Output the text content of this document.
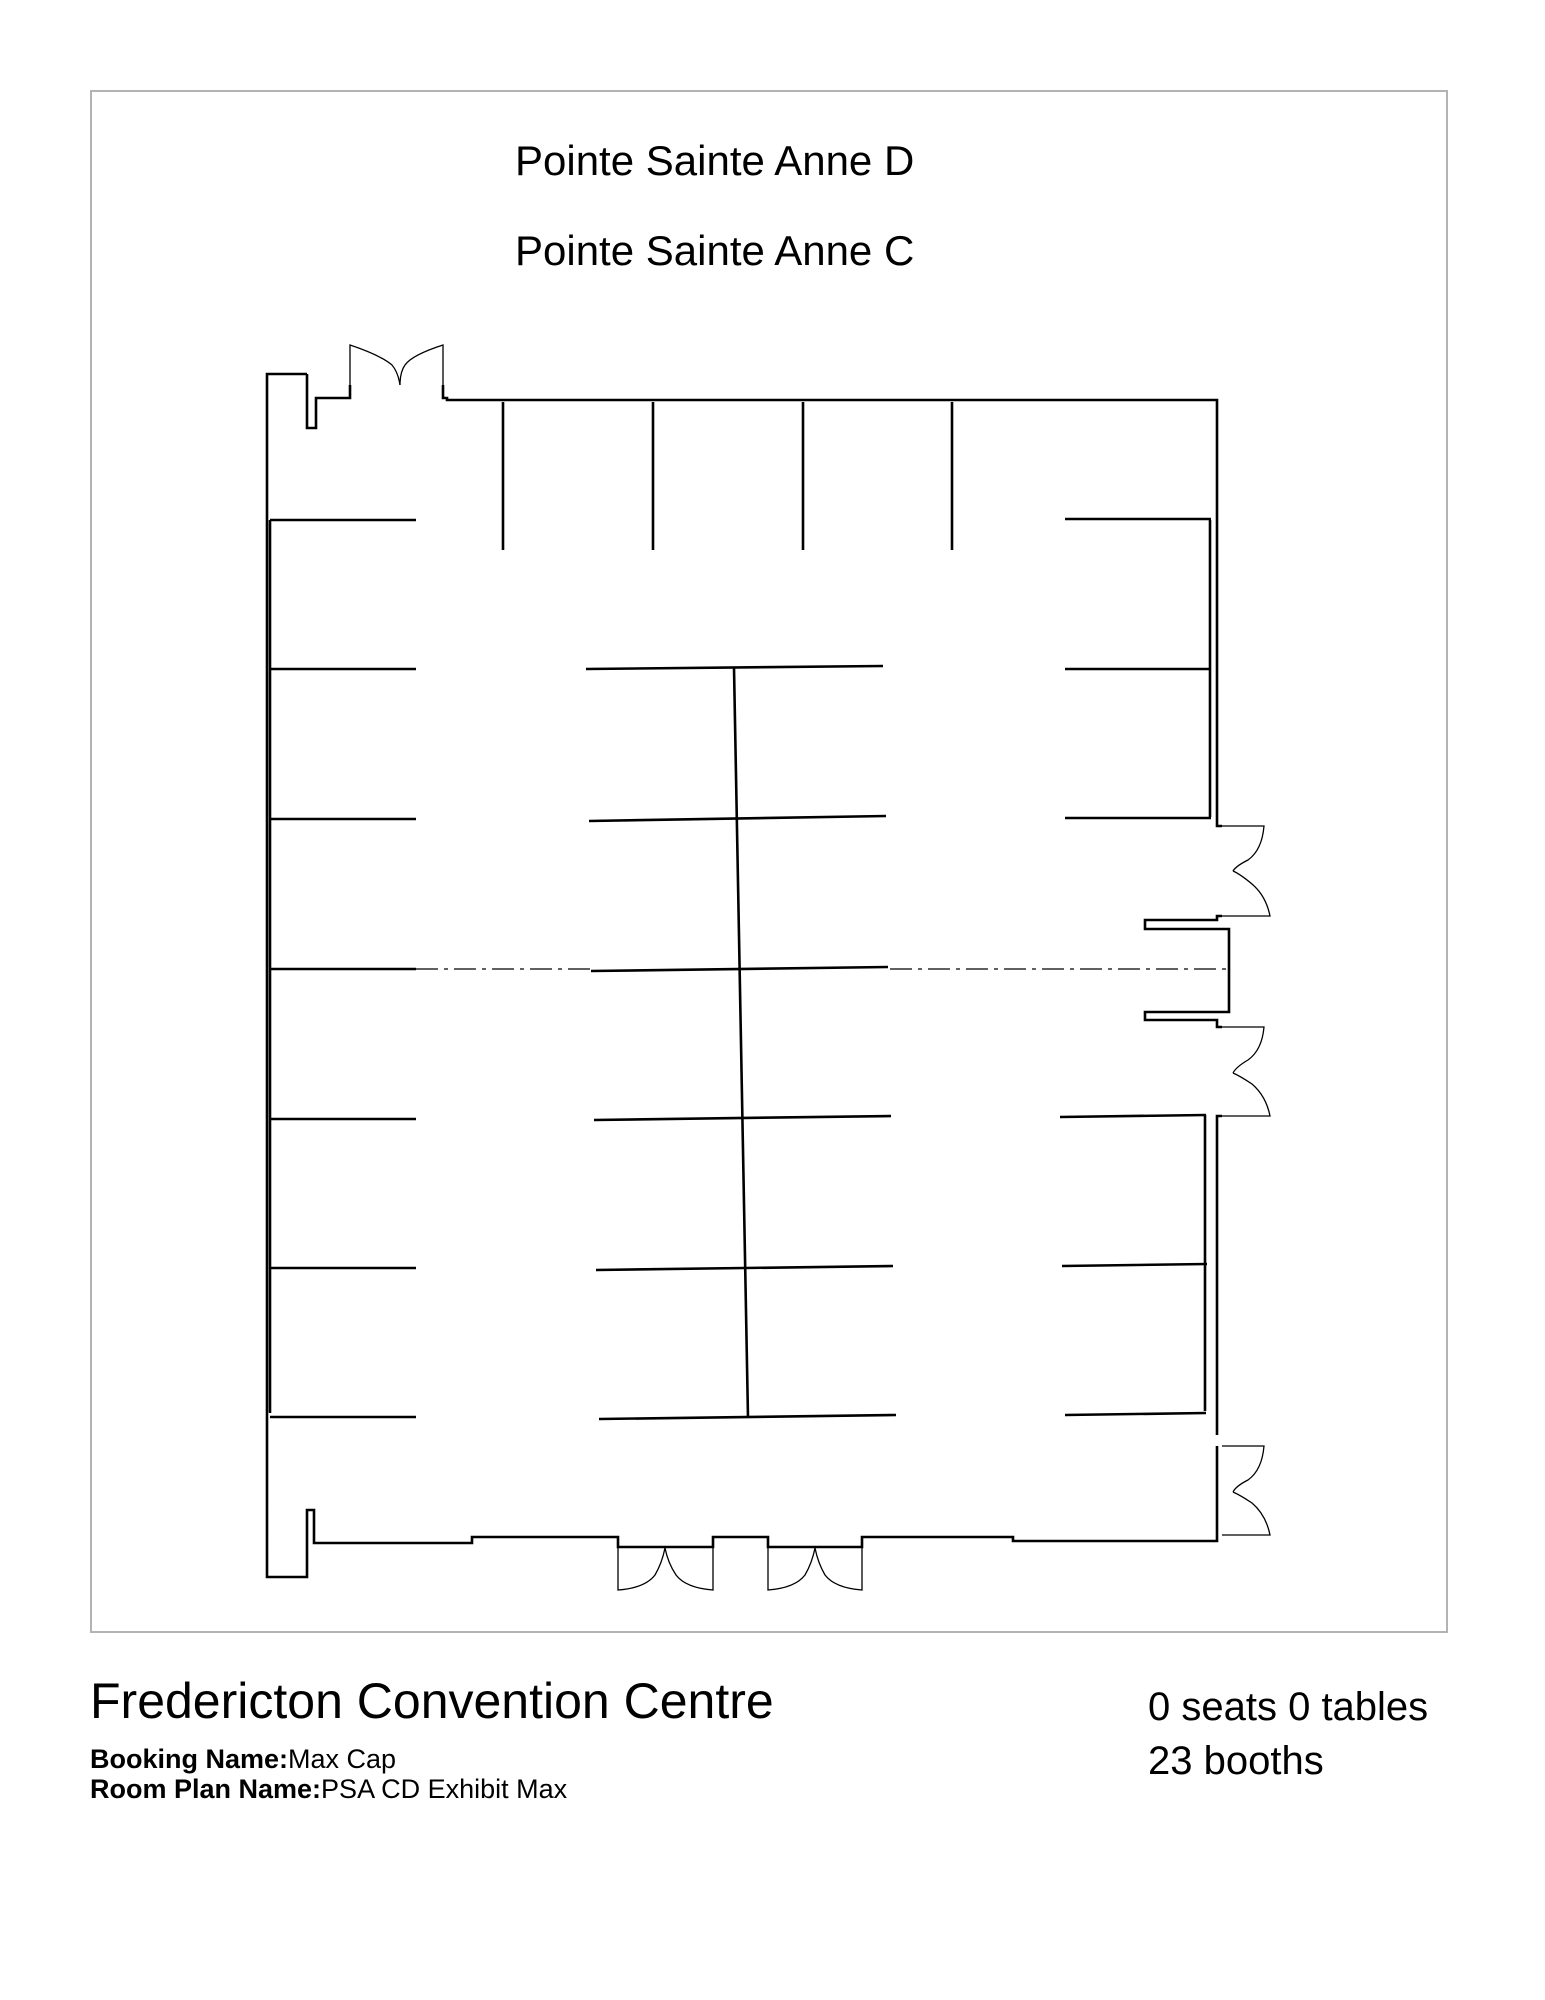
Pointe Sainte Anne D
Pointe Sainte Anne C
Fredericton Convention Centre
Booking Name:Max Cap
Room Plan Name:PSA CD Exhibit Max
0 seats 0 tables
23 booths
